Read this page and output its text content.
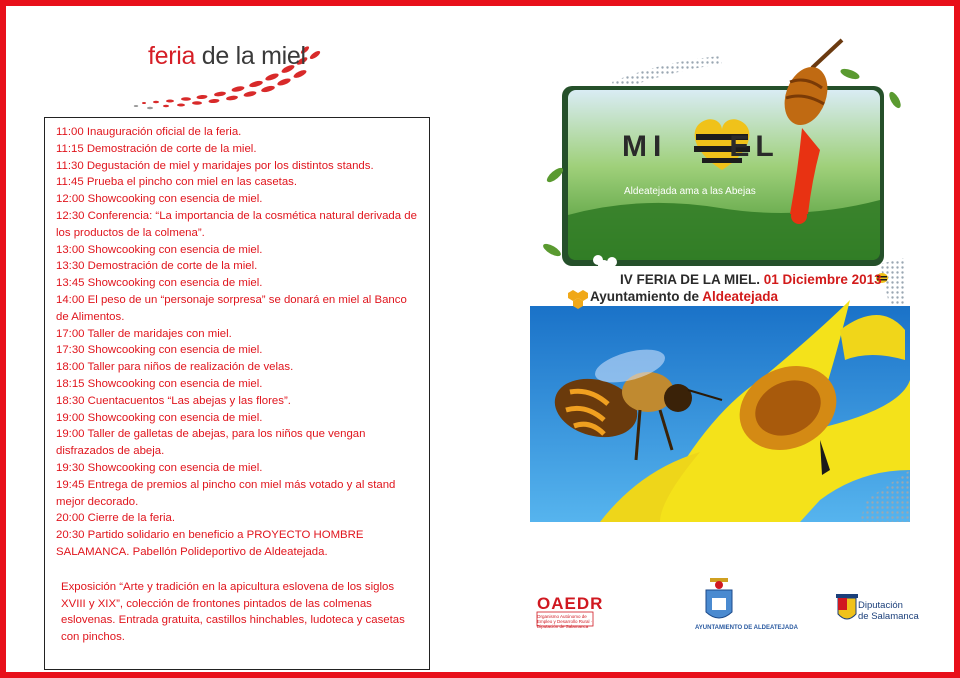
feria de la miel
11:00 Inauguración oficial de la feria.
11:15 Demostración de corte de la miel.
11:30 Degustación de miel y maridajes por los distintos stands.
11:45 Prueba el pincho con miel en las casetas.
12:00 Showcooking con esencia de miel.
12:30 Conferencia: “La importancia de la cosmética natural derivada de los productos de la colmena”.
13:00 Showcooking con esencia de miel.
13:30 Demostración de corte de la miel.
13:45 Showcooking con esencia de miel.
14:00 El peso de un “personaje sorpresa” se donará en miel al Banco de Alimentos.
17:00 Taller de maridajes con miel.
17:30 Showcooking con esencia de miel.
18:00 Taller para niños de realización de velas.
18:15 Showcooking con esencia de miel.
18:30 Cuentacuentos “Las abejas y las flores”.
19:00 Showcooking con esencia de miel.
19:00 Taller de galletas de abejas, para los niños que vengan disfrazados de abeja.
19:30 Showcooking con esencia de miel.
19:45 Entrega de premios al pincho con miel más votado y al stand mejor decorado.
20:00 Cierre de la feria.
20:30 Partido solidario en beneficio a PROYECTO HOMBRE SALAMANCA. Pabellón Polideportivo de Aldeatejada.
Exposición “Arte y tradición en la apicultura eslovena de los siglos XVIII y XIX”, colección de frontones pintados de las colmenas eslovenas. Entrada gratuita, castillos hinchables, ludoteca y casetas con pinchos.
MI EL
Aldeatejada ama a las Abejas
IV FERIA DE LA MIEL. 01 Diciembre 2013
Ayuntamiento de Aldeatejada
OAEDR
Organismo Autónomo de Empleo y Desarrollo Rural · Diputación de Salamanca	AYUNTAMIENTO DE ALDEATEJADA
Diputación
de Salamanca
